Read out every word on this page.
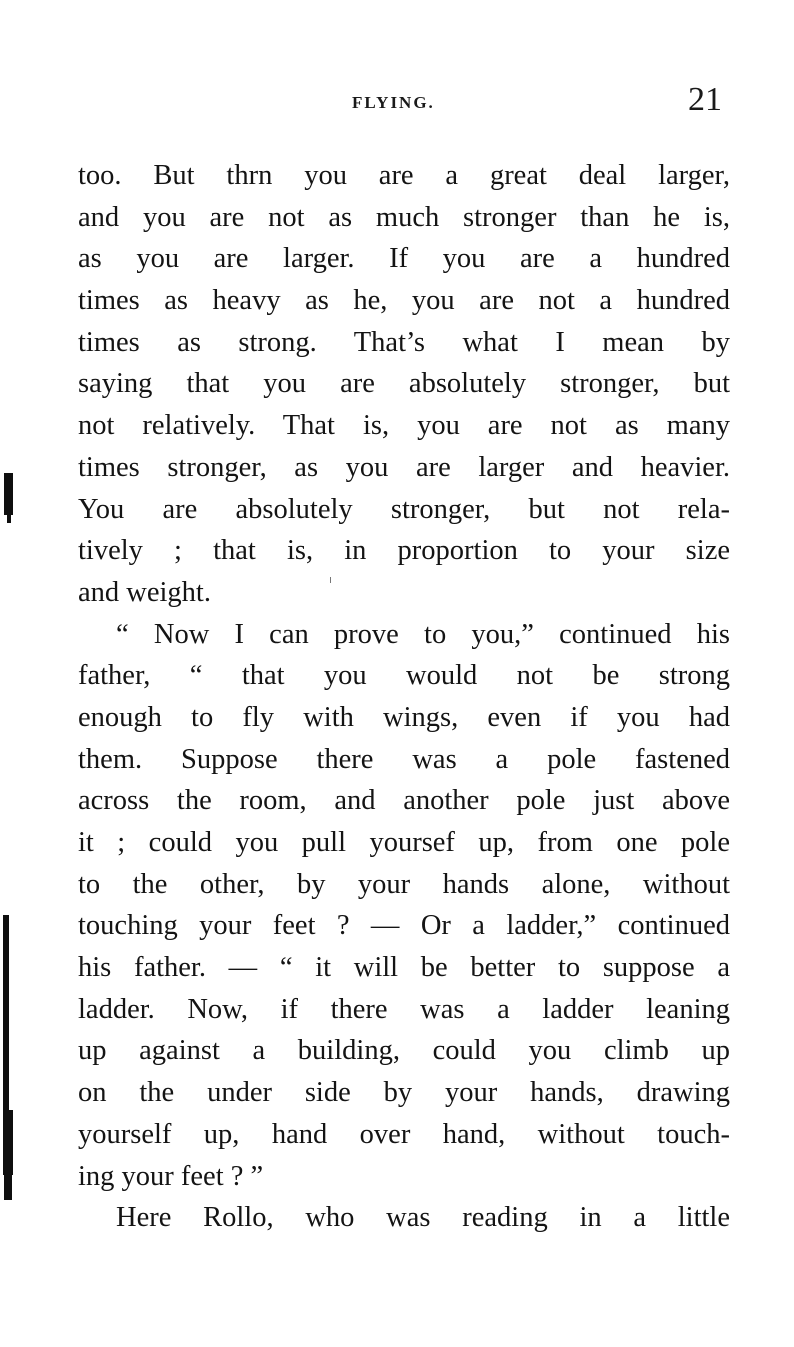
FLYING.	21
too. But thrn you are a great deal larger,
and you are not as much stronger than he is,
as you are larger. If you are a hundred
times as heavy as he, you are not a hundred
times as strong. That’s what I mean by
saying that you are absolutely stronger, but
not relatively. That is, you are not as many
times stronger, as you are larger and heavier.
You are absolutely stronger, but not rela-
tively ; that is, in proportion to your size
and weight.
“ Now I can prove to you,” continued his
father, “ that you would not be strong
enough to fly with wings, even if you had
them. Suppose there was a pole fastened
across the room, and another pole just above
it ; could you pull yoursef up, from one pole
to the other, by your hands alone, without
touching your feet ? — Or a ladder,” continued
his father. — “ it will be better to suppose a
ladder. Now, if there was a ladder leaning
up against a building, could you climb up
on the under side by your hands, drawing
yourself up, hand over hand, without touch-
ing your feet ? ”
Here Rollo, who was reading in a little
